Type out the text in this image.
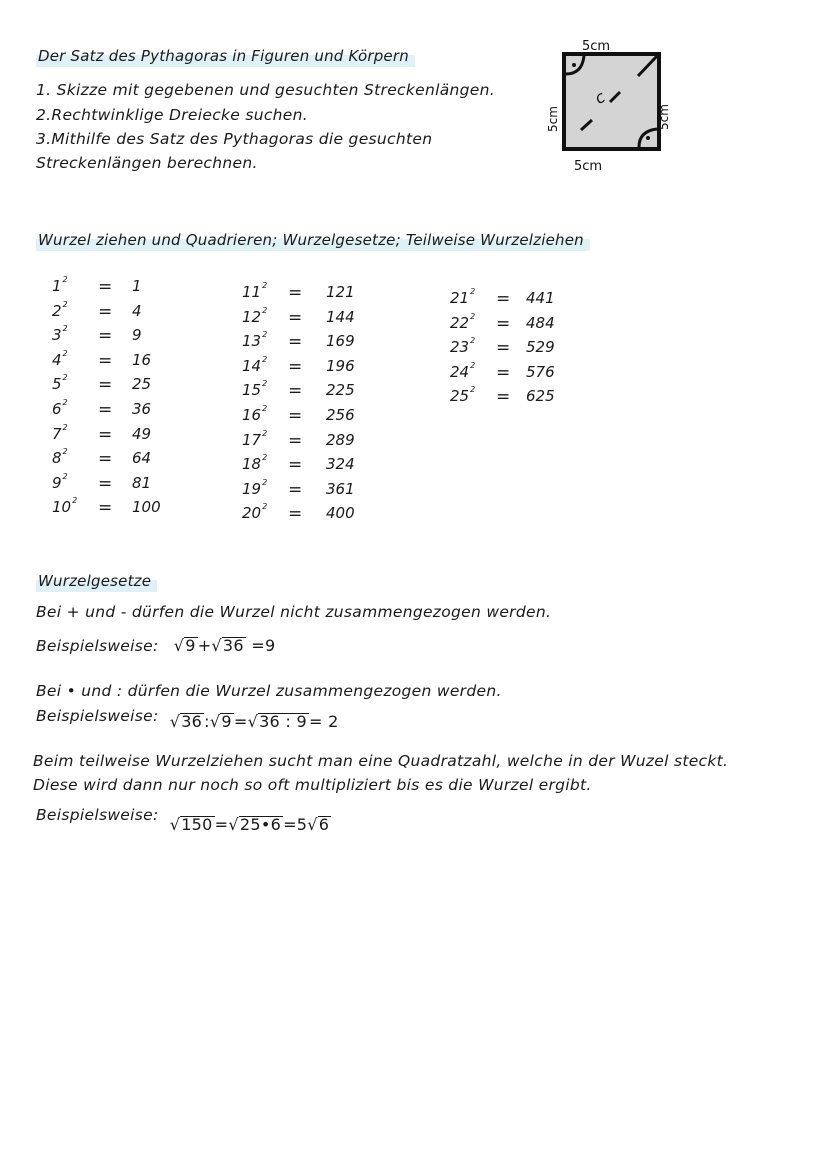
Der Satz des Pythagoras in Figuren und Körpern
1. Skizze mit gegebenen und gesuchten Streckenlängen.
2.Rechtwinklige Dreiecke suchen.
3.Mithilfe des Satz des Pythagoras die gesuchten
Streckenlängen berechnen.
c
5cm
5cm
5cm	5cm
Wurzel ziehen und Quadrieren; Wurzelgesetze; Teilweise Wurzelziehen
$1^2 = 1$
$2^2 = 4$
$3^2 = 9$
$4^2 = 16$
$5^2 = 25$
$6^2 = 36$
$7^2 = 49$
$8^2 = 64$
$9^2 = 81$
$10^2 = 100$
$11^2 = 121$
$12^2 = 144$
$13^2 = 169$
$14^2 = 196$
$15^2 = 225$
$16^2 = 256$
$17^2 = 289$
$18^2 = 324$
$19^2 = 361$
$20^2 = 400$
$21^2 = 441$
$22^2 = 484$
$23^2 = 529$
$24^2 = 576$
$25^2 = 625$
Wurzelgesetze
Bei + und - dürfen die Wurzel nicht zusammengezogen werden.
Beispielsweise: √9 +√36 =9
Bei • und : dürfen die Wurzel zusammengezogen werden.
Beispielsweise: √36 :√9 =√36 : 9 = 2
Beim teilweise Wurzelziehen sucht man eine Quadratzahl, welche in der Wuzel steckt.
Diese wird dann nur noch so oft multipliziert bis es die Wurzel ergibt.
Beispielsweise: √150 =√25•6 =5√6
